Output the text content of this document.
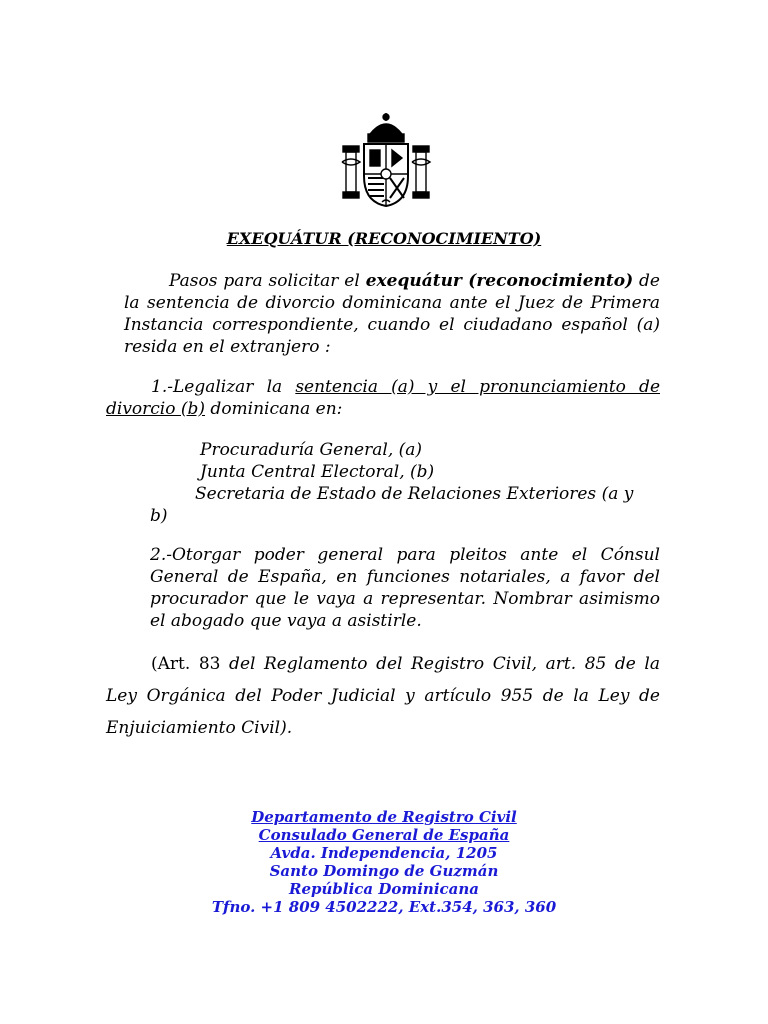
EXEQUÁTUR (RECONOCIMIENTO)

Pasos para solicitar el exequátur (reconocimiento) de la sentencia de divorcio dominicana ante el Juez de Primera Instancia correspondiente, cuando el ciudadano español (a) resida en el extranjero :

1.-Legalizar la sentencia (a) y el pronunciamiento de divorcio (b) dominicana en:

Procuraduría General, (a)
Junta Central Electoral, (b)
Secretaria de Estado de Relaciones Exteriores (a y
b)

2.-Otorgar poder general para pleitos ante el Cónsul General de España, en funciones notariales, a favor del procurador que le vaya a representar. Nombrar asimismo el abogado que vaya a asistirle.

(Art. 83 del Reglamento del Registro Civil, art. 85 de la Ley Orgánica del Poder Judicial y artículo 955 de la Ley de Enjuiciamiento Civil).

Departamento de Registro Civil
Consulado General de España
Avda. Independencia, 1205
Santo Domingo de Guzmán
República Dominicana
Tfno. +1 809 4502222, Ext.354, 363, 360
